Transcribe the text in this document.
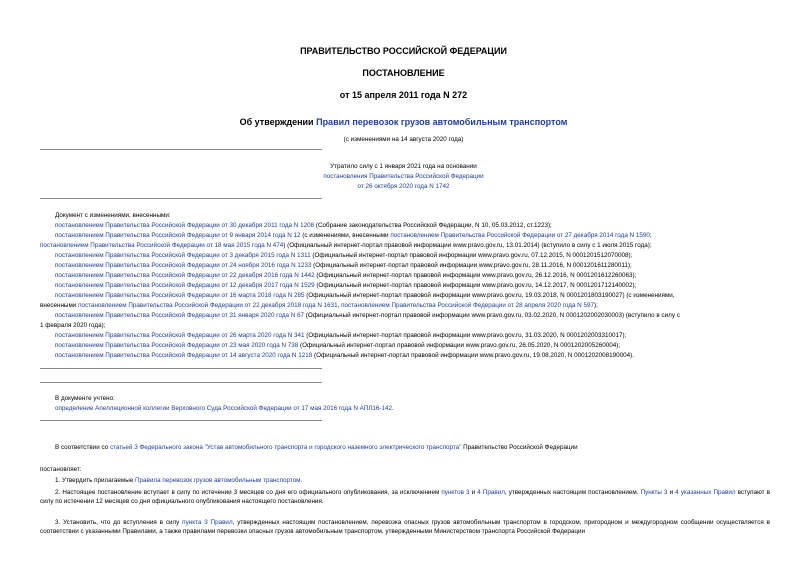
ПРАВИТЕЛЬСТВО РОССИЙСКОЙ ФЕДЕРАЦИИ
ПОСТАНОВЛЕНИЕ
от 15 апреля 2011 года N 272
Об утверждении Правил перевозок грузов автомобильным транспортом
(с изменениями на 14 августа 2020 года)
Утратило силу с 1 января 2021 года на основании
постановления Правительства Российской Федерации
от 26 октября 2020 года N 1742
Документ с изменениями, внесенными:
постановлением Правительства Российской Федерации от 30 декабря 2011 года N 1208 (Собрание законодательства Российской Федерации, N 10, 05.03.2012, ст.1223);
постановлением Правительства Российской Федерации от 9 января 2014 года N 12 (с изменениями, внесенными постановлением Правительства Российской Федерации от 27 декабря 2014 года N 1590;
постановлением Правительства Российской Федерации от 18 мая 2015 года N 474) (Официальный интернет-портал правовой информации www.pravo.gov.ru, 13.01.2014) (вступило в силу с 1 июля 2015 года);
постановлением Правительства Российской Федерации от 3 декабря 2015 года N 1311 (Официальный интернет-портал правовой информации www.pravo.gov.ru, 07.12.2015, N 0001201512070008);
постановлением Правительства Российской Федерации от 24 ноября 2016 года N 1233 (Официальный интернет-портал правовой информации www.pravo.gov.ru, 28.11.2016, N 0001201611280011);
постановлением Правительства Российской Федерации от 22 декабря 2016 года N 1442 (Официальный интернет-портал правовой информации www.pravo.gov.ru, 26.12.2016, N 0001201612260063);
постановлением Правительства Российской Федерации от 12 декабря 2017 года N 1529 (Официальный интернет-портал правовой информации www.pravo.gov.ru, 14.12.2017, N 0001201712140002);
постановлением Правительства Российской Федерации от 16 марта 2018 года N 285 (Официальный интернет-портал правовой информации www.pravo.gov.ru, 19.03.2018, N 0001201803190027) (с изменениями,
внесенными постановлением Правительства Российской Федерации от 22 декабря 2018 года N 1631, постановлением Правительства Российской Федерации от 28 апреля 2020 года N 597);
постановлением Правительства Российской Федерации от 31 января 2020 года N 67 (Официальный интернет-портал правовой информации www.pravo.gov.ru, 03.02.2020, N 0001202002030003) (вступило в силу с
1 февраля 2020 года);
постановлением Правительства Российской Федерации от 26 марта 2020 года N 341 (Официальный интернет-портал правовой информации www.pravo.gov.ru, 31.03.2020, N 0001202003310017);
постановлением Правительства Российской Федерации от 23 мая 2020 года N 738 (Официальный интернет-портал правовой информации www.pravo.gov.ru, 26.05.2020, N 0001202005260004);
постановлением Правительства Российской Федерации от 14 августа 2020 года N 1218 (Официальный интернет-портал правовой информации www.pravo.gov.ru, 19.08.2020, N 0001202008190004).
В документе учтено:
определение Апелляционной коллегии Верховного Суда Российской Федерации от 17 мая 2016 года N АПЛ16-142.
В соответствии со статьей 3 Федерального закона "Устав автомобильного транспорта и городского наземного электрического транспорта" Правительство Российской Федерации
постановляет:
1. Утвердить прилагаемые Правила перевозок грузов автомобильным транспортом.
2. Настоящее постановление вступает в силу по истечении 3 месяцев со дня его официального опубликования, за исключением пунктов 3 и 4 Правил, утвержденных настоящим постановлением. Пункты 3 и 4 указанных Правил вступают в силу по истечении 12 месяцев со дня официального опубликования настоящего постановления.
3. Установить, что до вступления в силу пункта 3 Правил, утвержденных настоящим постановлением, перевозка опасных грузов автомобильным транспортом в городском, пригородном и междугородном сообщении осуществляется в соответствии с указанными Правилами, а также правилами перевозки опасных грузов автомобильным транспортом, утвержденными Министерством транспорта Российской Федерации
